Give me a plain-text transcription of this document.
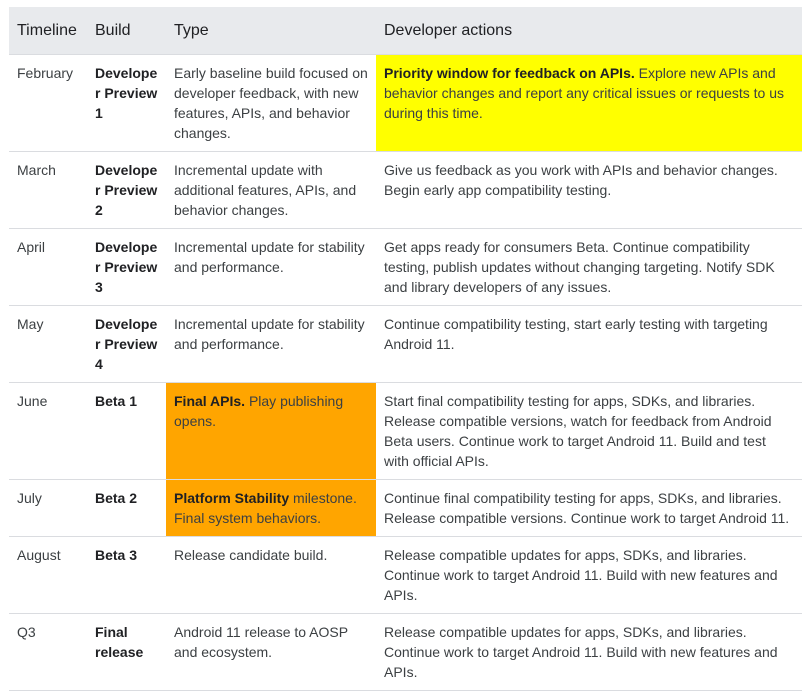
Timeline	Build	Type	Developer actions
February	Developer Preview 1	Early baseline build focused on developer feedback, with new features, APIs, and behavior changes.	Priority window for feedback on APIs. Explore new APIs and behavior changes and report any critical issues or requests to us during this time.
March	Developer Preview 2	Incremental update with additional features, APIs, and behavior changes.	Give us feedback as you work with APIs and behavior changes. Begin early app compatibility testing.
April	Developer Preview 3	Incremental update for stability and performance.	Get apps ready for consumers Beta. Continue compatibility testing, publish updates without changing targeting. Notify SDK and library developers of any issues.
May	Developer Preview 4	Incremental update for stability and performance.	Continue compatibility testing, start early testing with targeting Android 11.
June	Beta 1	Final APIs. Play publishing opens.	Start final compatibility testing for apps, SDKs, and libraries. Release compatible versions, watch for feedback from Android Beta users. Continue work to target Android 11. Build and test with official APIs.
July	Beta 2	Platform Stability milestone. Final system behaviors.	Continue final compatibility testing for apps, SDKs, and libraries. Release compatible versions. Continue work to target Android 11.
August	Beta 3	Release candidate build.	Release compatible updates for apps, SDKs, and libraries. Continue work to target Android 11. Build with new features and APIs.
Q3	Final release	Android 11 release to AOSP and ecosystem.	Release compatible updates for apps, SDKs, and libraries. Continue work to target Android 11. Build with new features and APIs.
